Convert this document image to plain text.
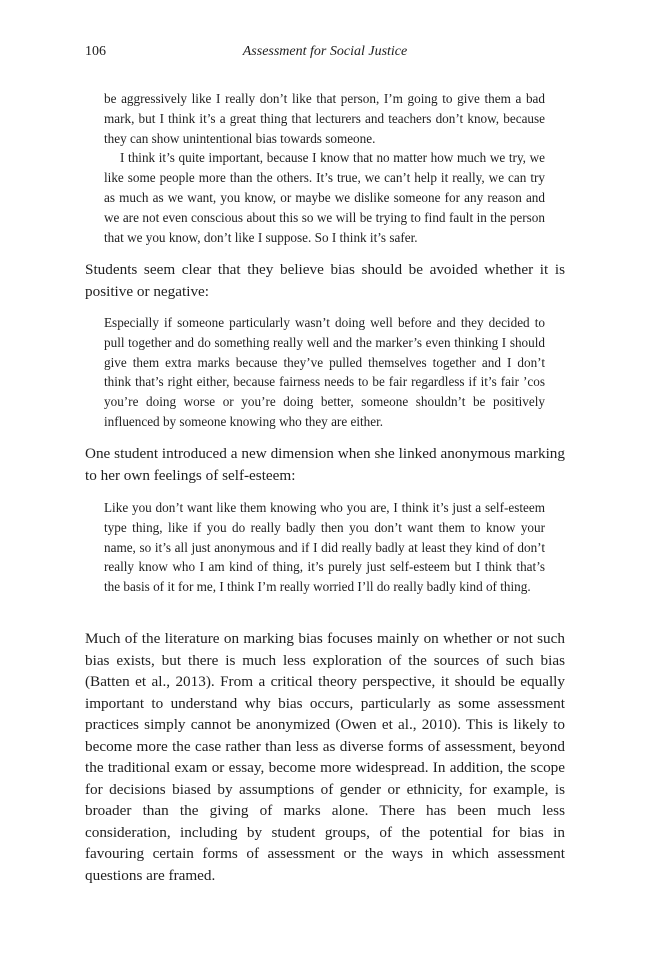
106	Assessment for Social Justice

be aggressively like I really don’t like that person, I’m going to give them a bad mark, but I think it’s a great thing that lecturers and teachers don’t know, because they can show unintentional bias towards someone.

I think it’s quite important, because I know that no matter how much we try, we like some people more than the others. It’s true, we can’t help it really, we can try as much as we want, you know, or maybe we dislike someone for any reason and we are not even conscious about this so we will be trying to find fault in the person that we you know, don’t like I suppose. So I think it’s safer.

Students seem clear that they believe bias should be avoided whether it is positive or negative:

Especially if someone particularly wasn’t doing well before and they decided to pull together and do something really well and the marker’s even thinking I should give them extra marks because they’ve pulled themselves together and I don’t think that’s right either, because fairness needs to be fair regardless if it’s fair ’cos you’re doing worse or you’re doing better, someone shouldn’t be positively influenced by someone knowing who they are either.

One student introduced a new dimension when she linked anonymous marking to her own feelings of self-esteem:

Like you don’t want like them knowing who you are, I think it’s just a self-esteem type thing, like if you do really badly then you don’t want them to know your name, so it’s all just anonymous and if I did really badly at least they kind of don’t really know who I am kind of thing, it’s purely just self-esteem but I think that’s the basis of it for me, I think I’m really worried I’ll do really badly kind of thing.

Much of the literature on marking bias focuses mainly on whether or not such bias exists, but there is much less exploration of the sources of such bias (Batten et al., 2013). From a critical theory perspective, it should be equally important to understand why bias occurs, particularly as some assessment practices simply cannot be anonymized (Owen et al., 2010). This is likely to become more the case rather than less as diverse forms of assessment, beyond the traditional exam or essay, become more widespread. In addition, the scope for decisions biased by assumptions of gender or ethnicity, for example, is broader than the giving of marks alone. There has been much less consideration, including by student groups, of the potential for bias in favouring certain forms of assessment or the ways in which assessment questions are framed.
